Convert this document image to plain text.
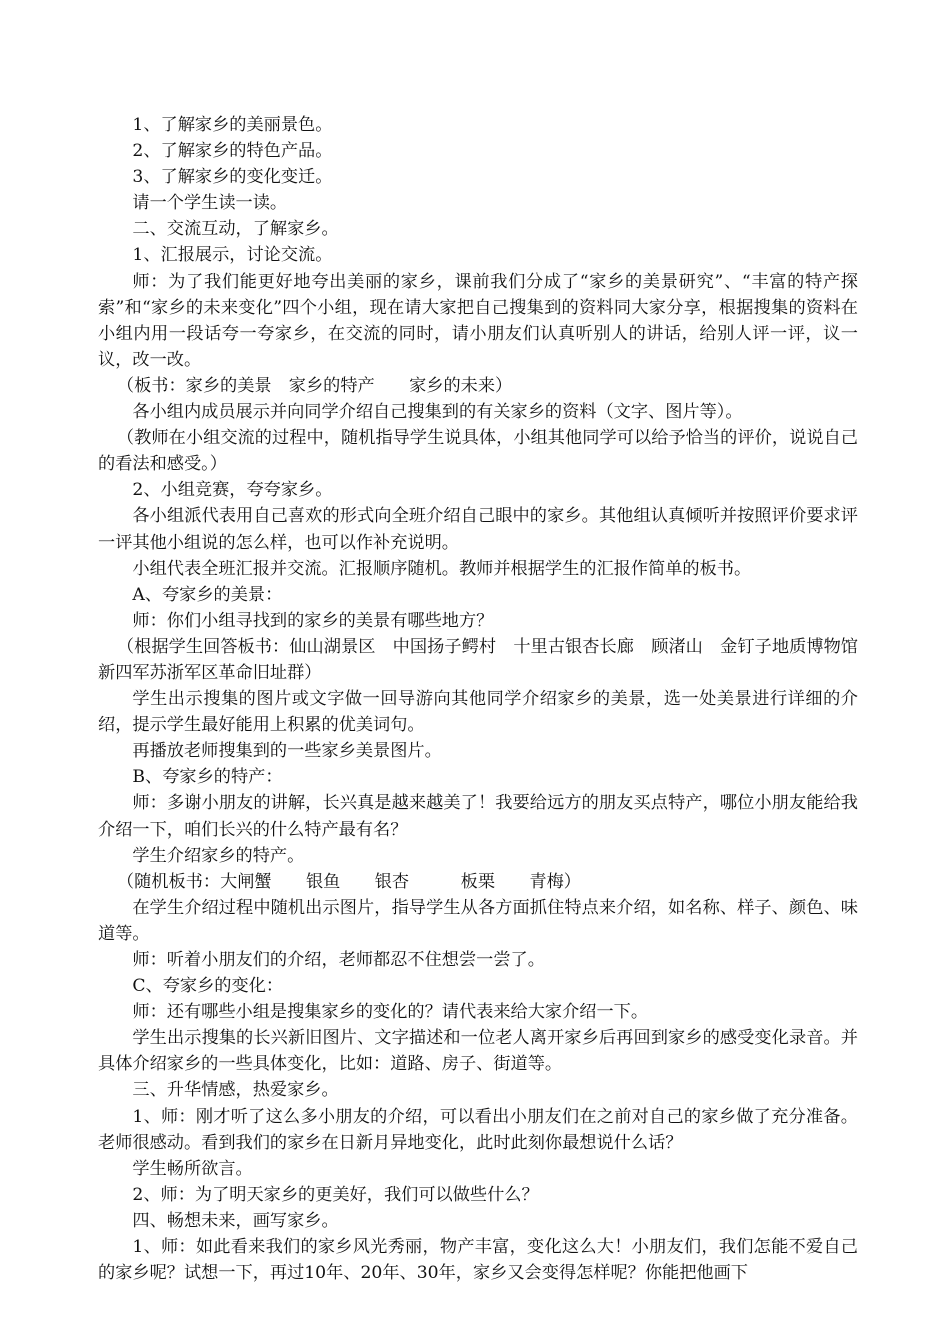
1、了解家乡的美丽景色。

2、了解家乡的特色产品。

3、了解家乡的变化变迁。

请一个学生读一读。

二、交流互动，了解家乡。

1、汇报展示，讨论交流。

师：为了我们能更好地夸出美丽的家乡，课前我们分成了“家乡的美景研究”、“丰富的特产探索”和“家乡的未来变化”四个小组，现在请大家把自己搜集到的资料同大家分享，根据搜集的资料在小组内用一段话夸一夸家乡，在交流的同时，请小朋友们认真听别人的讲话，给别人评一评，议一议，改一改。

（板书：家乡的美景　家乡的特产　　家乡的未来）

各小组内成员展示并向同学介绍自己搜集到的有关家乡的资料（文字、图片等）。

（教师在小组交流的过程中，随机指导学生说具体，小组其他同学可以给予恰当的评价，说说自己的看法和感受。）

2、小组竞赛，夸夸家乡。

各小组派代表用自己喜欢的形式向全班介绍自己眼中的家乡。其他组认真倾听并按照评价要求评一评其他小组说的怎么样，也可以作补充说明。

小组代表全班汇报并交流。汇报顺序随机。教师并根据学生的汇报作简单的板书。

A、夸家乡的美景：

师：你们小组寻找到的家乡的美景有哪些地方？

（根据学生回答板书：仙山湖景区　中国扬子鳄村　十里古银杏长廊　顾渚山　金钉子地质博物馆　新四军苏浙军区革命旧址群）

学生出示搜集的图片或文字做一回导游向其他同学介绍家乡的美景，选一处美景进行详细的介绍，提示学生最好能用上积累的优美词句。

再播放老师搜集到的一些家乡美景图片。

B、夸家乡的特产：

师：多谢小朋友的讲解，长兴真是越来越美了！我要给远方的朋友买点特产，哪位小朋友能给我介绍一下，咱们长兴的什么特产最有名？

学生介绍家乡的特产。

（随机板书：大闸蟹　　银鱼　　银杏　　　板栗　　青梅）

在学生介绍过程中随机出示图片，指导学生从各方面抓住特点来介绍，如名称、样子、颜色、味道等。

师：听着小朋友们的介绍，老师都忍不住想尝一尝了。

C、夸家乡的变化：

师：还有哪些小组是搜集家乡的变化的？请代表来给大家介绍一下。

学生出示搜集的长兴新旧图片、文字描述和一位老人离开家乡后再回到家乡的感受变化录音。并具体介绍家乡的一些具体变化，比如：道路、房子、街道等。

三、升华情感，热爱家乡。

1、师：刚才听了这么多小朋友的介绍，可以看出小朋友们在之前对自己的家乡做了充分准备。老师很感动。看到我们的家乡在日新月异地变化，此时此刻你最想说什么话？

学生畅所欲言。

2、师：为了明天家乡的更美好，我们可以做些什么？

四、畅想未来，画写家乡。

1、师：如此看来我们的家乡风光秀丽，物产丰富，变化这么大！小朋友们，我们怎能不爱自己的家乡呢？试想一下，再过10年、20年、30年，家乡又会变得怎样呢？你能把他画下
